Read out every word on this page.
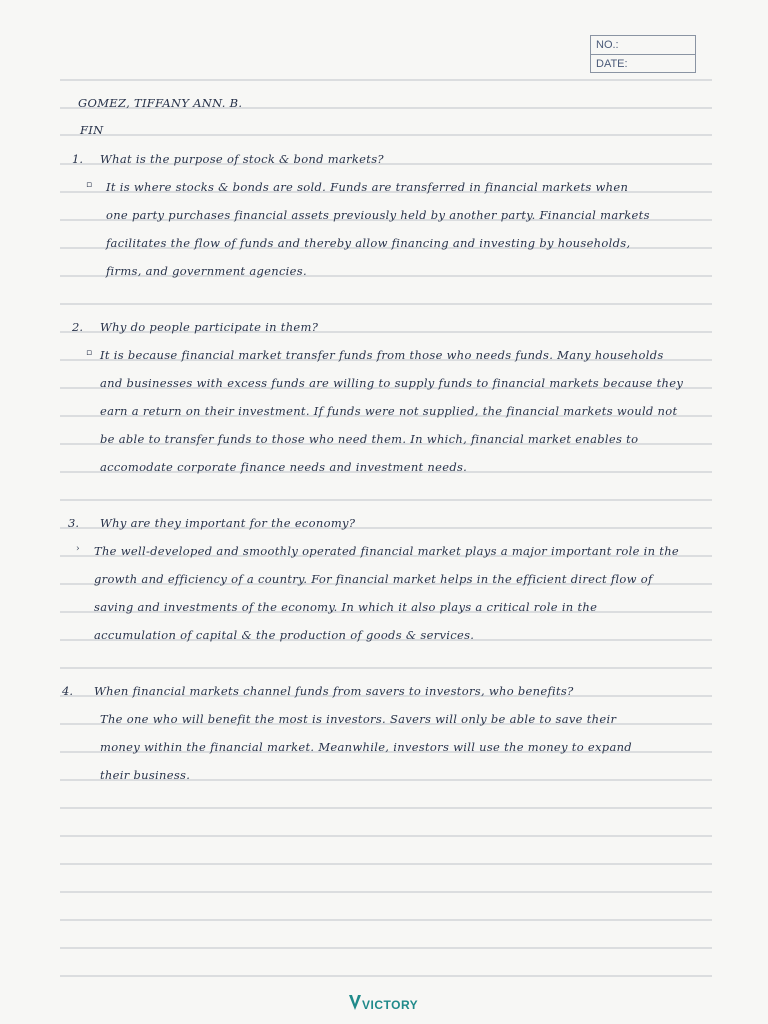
NO.:
DATE:
GOMEZ, TIFFANY ANN. B.
FIN
1. What is the purpose of stock & bond markets?
▫ It is where stocks & bonds are sold. Funds are transferred in financial markets when
one party purchases financial assets previously held by another party. Financial markets
facilitates the flow of funds and thereby allow financing and investing by households,
firms, and government agencies.
2. Why do people participate in them?
▫ It is because financial market transfer funds from those who needs funds. Many households
and businesses with excess funds are willing to supply funds to financial markets because they
earn a return on their investment. If funds were not supplied, the financial markets would not
be able to transfer funds to those who need them. In which, financial market enables to
accomodate corporate finance needs and investment needs.
3. Why are they important for the economy?
› The well-developed and smoothly operated financial market plays a major important role in the
growth and efficiency of a country. For financial market helps in the efficient direct flow of
saving and investments of the economy. In which it also plays a critical role in the
accumulation of capital & the production of goods & services.
4. When financial markets channel funds from savers to investors, who benefits?
The one who will benefit the most is investors. Savers will only be able to save their
money within the financial market. Meanwhile, investors will use the money to expand
their business.
VICTORY
